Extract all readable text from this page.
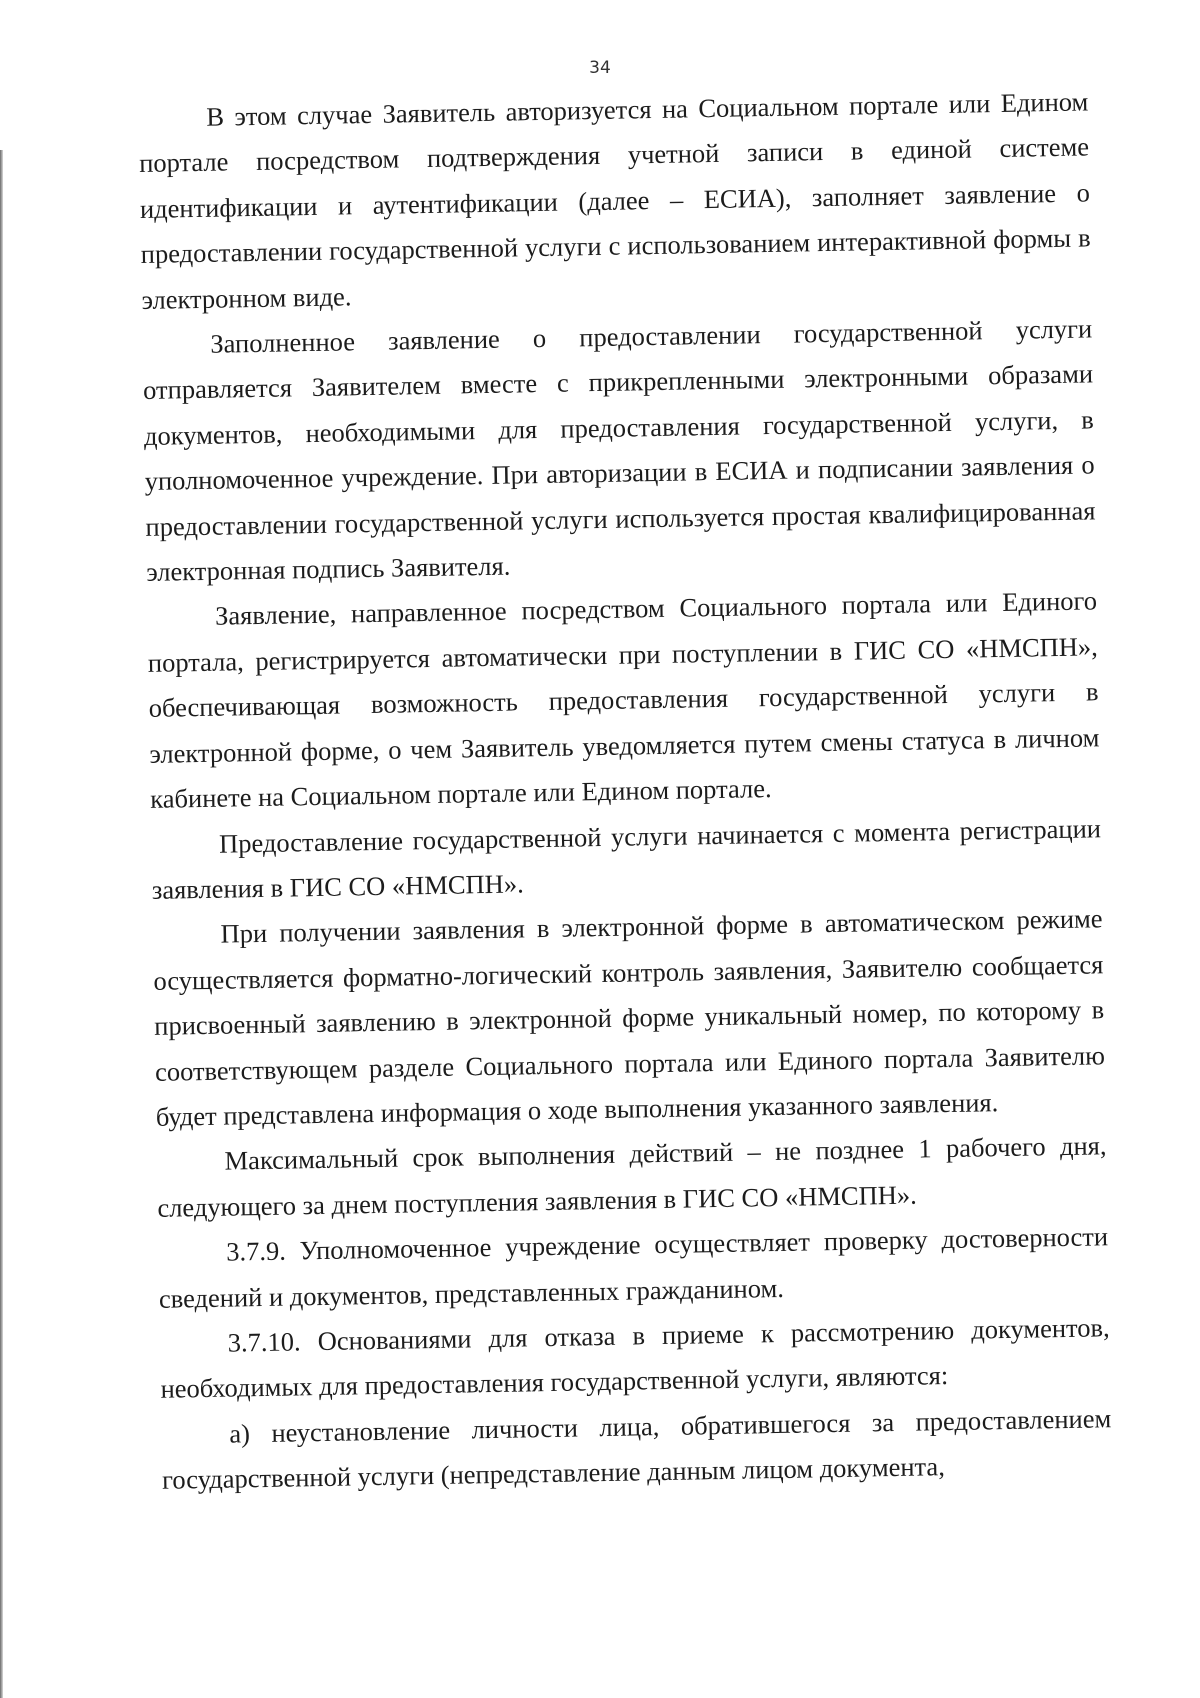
34

В этом случае Заявитель авторизуется на Социальном портале или Едином портале посредством подтверждения учетной записи в единой системе идентификации и аутентификации (далее – ЕСИА), заполняет заявление о предоставлении государственной услуги с использованием интерактивной формы в электронном виде.

Заполненное заявление о предоставлении государственной услуги отправляется Заявителем вместе с прикрепленными электронными образами документов, необходимыми для предоставления государственной услуги, в уполномоченное учреждение. При авторизации в ЕСИА и подписании заявления о предоставлении государственной услуги используется простая квалифицированная электронная подпись Заявителя.

Заявление, направленное посредством Социального портала или Единого портала, регистрируется автоматически при поступлении в ГИС СО «НМСПН», обеспечивающая возможность предоставления государственной услуги в электронной форме, о чем Заявитель уведомляется путем смены статуса в личном кабинете на Социальном портале или Едином портале.

Предоставление государственной услуги начинается с момента регистрации заявления в ГИС СО «НМСПН».

При получении заявления в электронной форме в автоматическом режиме осуществляется форматно-логический контроль заявления, Заявителю сообщается присвоенный заявлению в электронной форме уникальный номер, по которому в соответствующем разделе Социального портала или Единого портала Заявителю будет представлена информация о ходе выполнения указанного заявления.

Максимальный срок выполнения действий – не позднее 1 рабочего дня, следующего за днем поступления заявления в ГИС СО «НМСПН».

3.7.9. Уполномоченное учреждение осуществляет проверку достоверности сведений и документов, представленных гражданином.

3.7.10. Основаниями для отказа в приеме к рассмотрению документов, необходимых для предоставления государственной услуги, являются:

а) неустановление личности лица, обратившегося за предоставлением государственной услуги (непредставление данным лицом документа,
